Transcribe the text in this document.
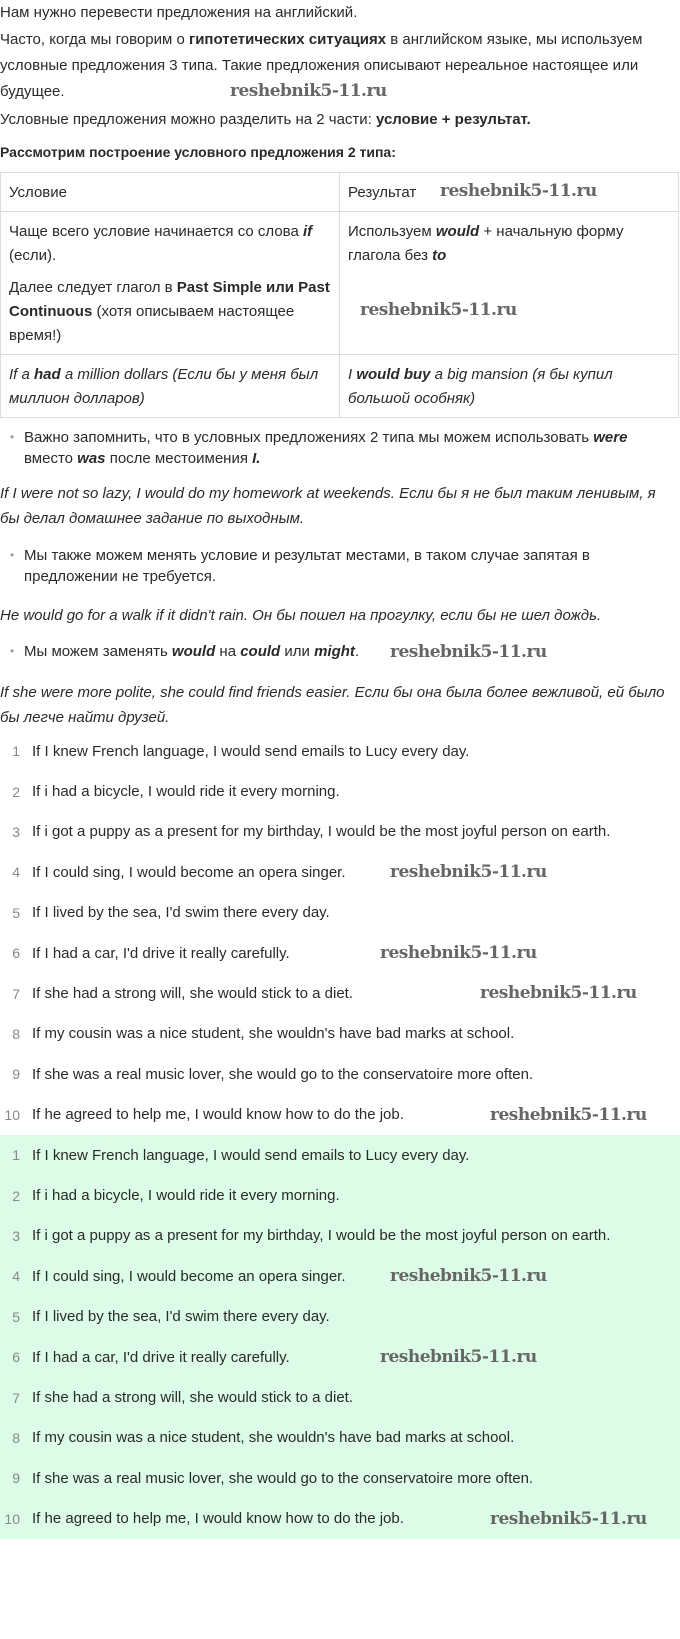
Нам нужно перевести предложения на английский.
Часто, когда мы говорим о гипотетических ситуациях в английском языке, мы используем условные предложения 3 типа. Такие предложения описывают нереальное настоящее или будущее.
Условные предложения можно разделить на 2 части: условие + результат.
Рассмотрим построение условного предложения 2 типа:
Условие	Результат
Чаще всего условие начинается со слова if (если).
Далее следует глагол в Past Simple или Past Continuous (хотя описываем настоящее время!)	Используем would + начальную форму глагола без to
If a had a million dollars (Если бы у меня был миллион долларов)	I would buy a big mansion (я бы купил большой особняк)
• Важно запомнить, что в условных предложениях 2 типа мы можем использовать were вместо was после местоимения I.
If I were not so lazy, I would do my homework at weekends. Если бы я не был таким ленивым, я бы делал домашнее задание по выходным.
• Мы также можем менять условие и результат местами, в таком случае запятая в предложении не требуется.
He would go for a walk if it didn't rain. Он бы пошел на прогулку, если бы не шел дождь.
• Мы можем заменять would на could или might.
If she were more polite, she could find friends easier. Если бы она была более вежливой, ей было бы легче найти друзей.
1 If I knew French language, I would send emails to Lucy every day.
2 If i had a bicycle, I would ride it every morning.
3 If i got a puppy as a present for my birthday, I would be the most joyful person on earth.
4 If I could sing, I would become an opera singer.
5 If I lived by the sea, I'd swim there every day.
6 If I had a car, I'd drive it really carefully.
7 If she had a strong will, she would stick to a diet.
8 If my cousin was a nice student, she wouldn's have bad marks at school.
9 If she was a real music lover, she would go to the conservatoire more often.
10 If he agreed to help me, I would know how to do the job.
1 If I knew French language, I would send emails to Lucy every day.
2 If i had a bicycle, I would ride it every morning.
3 If i got a puppy as a present for my birthday, I would be the most joyful person on earth.
4 If I could sing, I would become an opera singer.
5 If I lived by the sea, I'd swim there every day.
6 If I had a car, I'd drive it really carefully.
7 If she had a strong will, she would stick to a diet.
8 If my cousin was a nice student, she wouldn's have bad marks at school.
9 If she was a real music lover, she would go to the conservatoire more often.
10 If he agreed to help me, I would know how to do the job.
reshebnik5-11.ru
reshebnik5-11.ru
reshebnik5-11.ru
reshebnik5-11.ru
reshebnik5-11.ru
reshebnik5-11.ru
reshebnik5-11.ru
reshebnik5-11.ru
reshebnik5-11.ru
reshebnik5-11.ru
reshebnik5-11.ru
